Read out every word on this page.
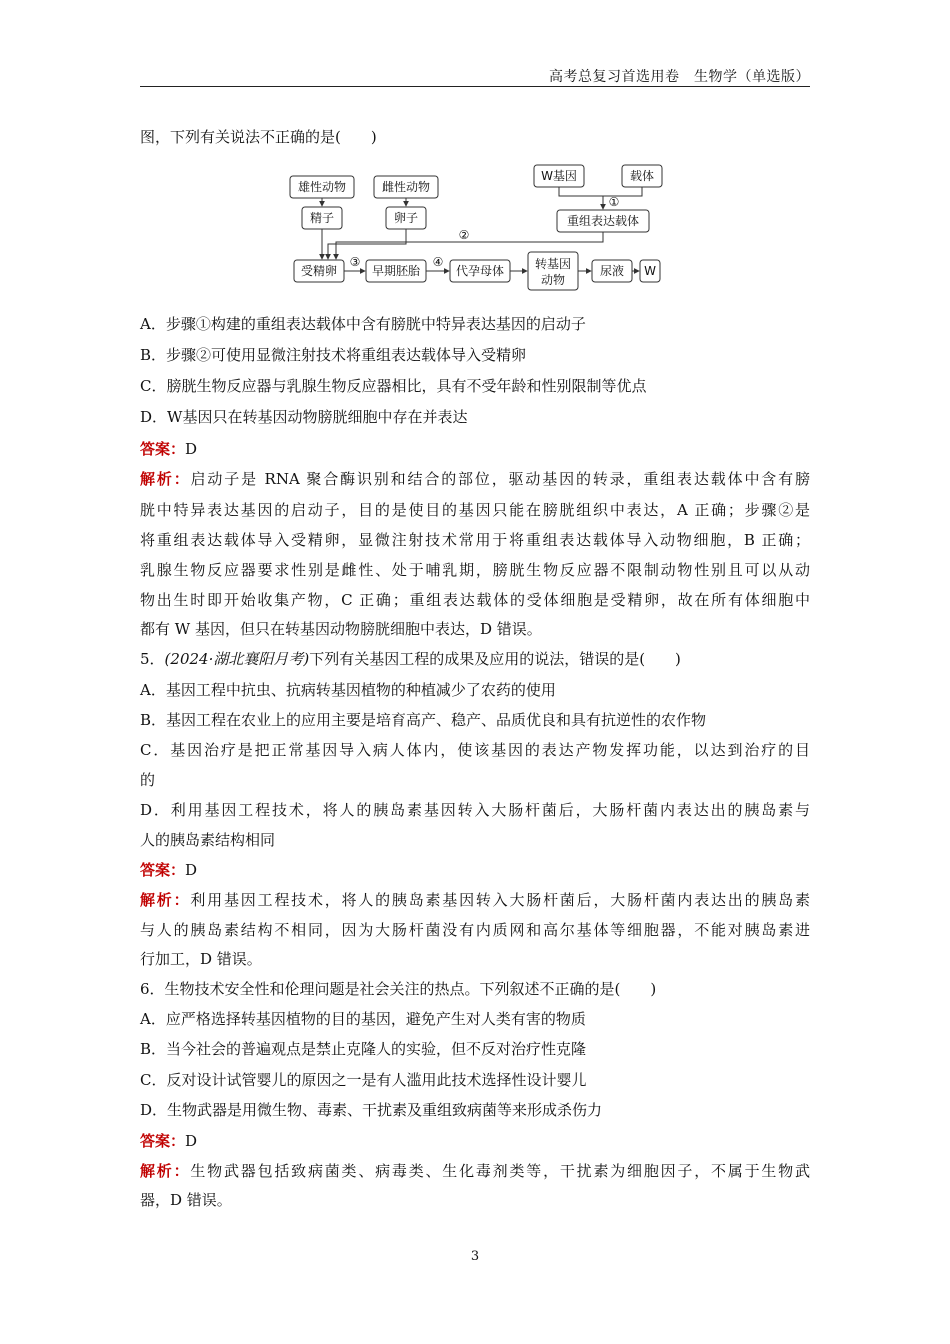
高考总复习首选用卷　生物学（单选版）
图，下列有关说法不正确的是(　　)
雄性动物	雌性动物
精子	卵子
W基因	载体
重组表达载体
受精卵	早期胚胎	代孕母体	转基因
动物
尿液 W
①
②
③	④
A．步骤①构建的重组表达载体中含有膀胱中特异表达基因的启动子
B．步骤②可使用显微注射技术将重组表达载体导入受精卵
C．膀胱生物反应器与乳腺生物反应器相比，具有不受年龄和性别限制等优点
D．W基因只在转基因动物膀胱细胞中存在并表达
答案：D
解析：启动子是 RNA 聚合酶识别和结合的部位，驱动基因的转录，重组表达载体中含有膀
胱中特异表达基因的启动子，目的是使目的基因只能在膀胱组织中表达，A 正确；步骤②是
将重组表达载体导入受精卵，显微注射技术常用于将重组表达载体导入动物细胞，B 正确；
乳腺生物反应器要求性别是雌性、处于哺乳期，膀胱生物反应器不限制动物性别且可以从动
物出生时即开始收集产物，C 正确；重组表达载体的受体细胞是受精卵，故在所有体细胞中
都有 W 基因，但只在转基因动物膀胱细胞中表达，D 错误。
5．(2024·湖北襄阳月考)下列有关基因工程的成果及应用的说法，错误的是(　　)
A．基因工程中抗虫、抗病转基因植物的种植减少了农药的使用
B．基因工程在农业上的应用主要是培育高产、稳产、品质优良和具有抗逆性的农作物
C．基因治疗是把正常基因导入病人体内，使该基因的表达产物发挥功能，以达到治疗的目
的
D．利用基因工程技术，将人的胰岛素基因转入大肠杆菌后，大肠杆菌内表达出的胰岛素与
人的胰岛素结构相同
答案：D
解析：利用基因工程技术，将人的胰岛素基因转入大肠杆菌后，大肠杆菌内表达出的胰岛素
与人的胰岛素结构不相同，因为大肠杆菌没有内质网和高尔基体等细胞器，不能对胰岛素进
行加工，D 错误。
6．生物技术安全性和伦理问题是社会关注的热点。下列叙述不正确的是(　　)
A．应严格选择转基因植物的目的基因，避免产生对人类有害的物质
B．当今社会的普遍观点是禁止克隆人的实验，但不反对治疗性克隆
C．反对设计试管婴儿的原因之一是有人滥用此技术选择性设计婴儿
D．生物武器是用微生物、毒素、干扰素及重组致病菌等来形成杀伤力
答案：D
解析：生物武器包括致病菌类、病毒类、生化毒剂类等，干扰素为细胞因子，不属于生物武
器，D 错误。
3
